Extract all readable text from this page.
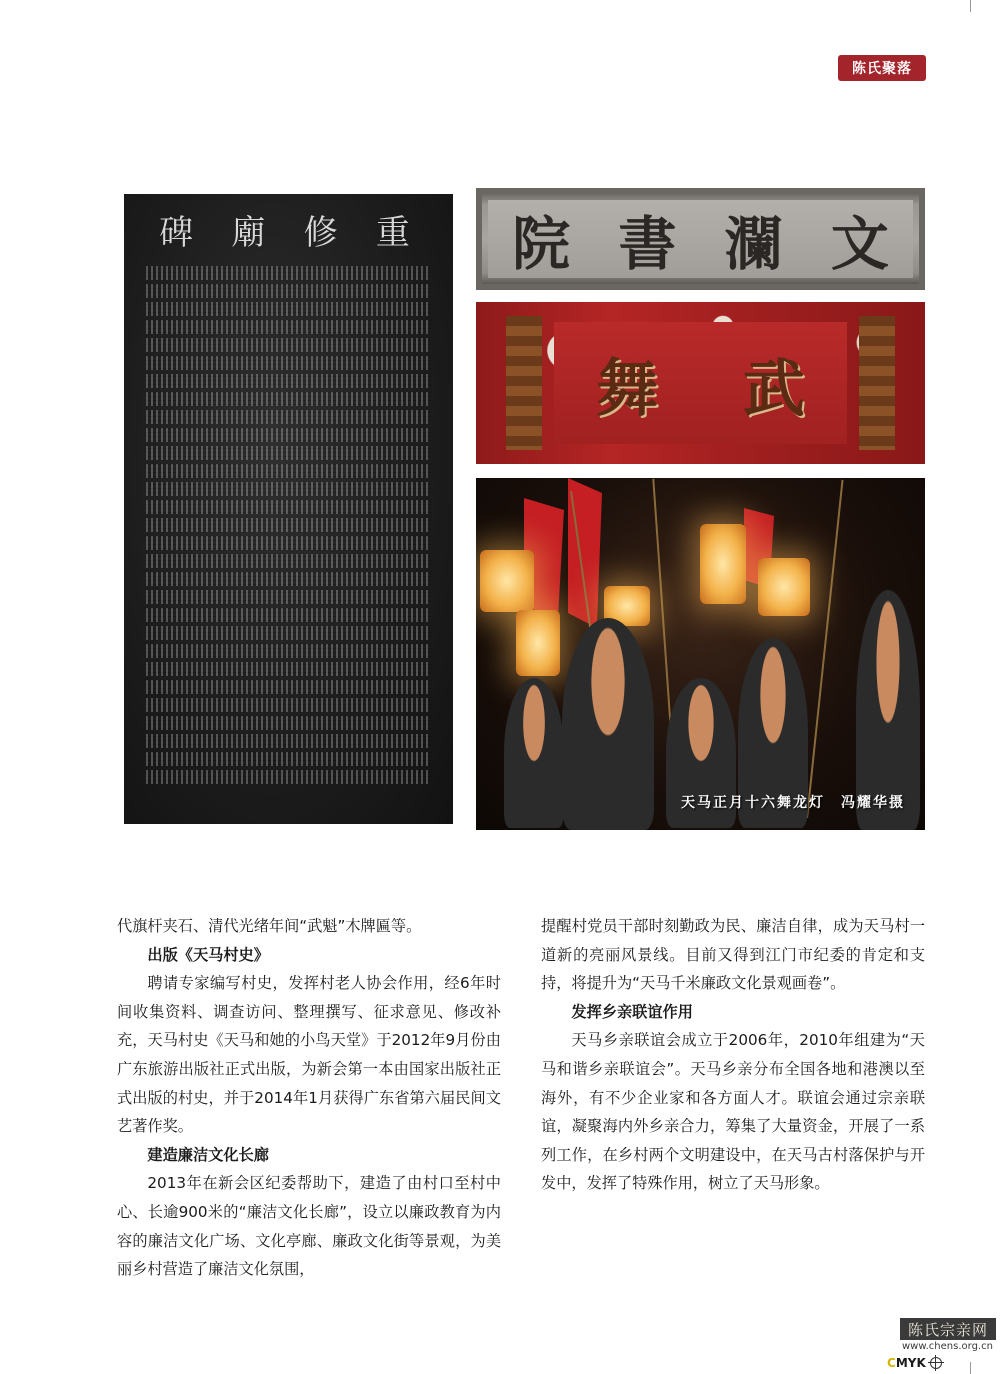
陈氏聚落
碑 廟 修 重 院 書 瀾 文
舞 武
天马正月十六舞龙灯　冯耀华摄

代旗杆夹石、清代光绪年间“武魁”木牌匾等。

出版《天马村史》

聘请专家编写村史，发挥村老人协会作用，经6年时间收集资料、调查访问、整理撰写、征求意见、修改补充，天马村史《天马和她的小鸟天堂》于2012年9月份由广东旅游出版社正式出版，为新会第一本由国家出版社正式出版的村史，并于2014年1月获得广东省第六届民间文艺著作奖。

建造廉洁文化长廊

2013年在新会区纪委帮助下，建造了由村口至村中心、长逾900米的“廉洁文化长廊”，设立以廉政教育为内容的廉洁文化广场、文化亭廊、廉政文化街等景观，为美丽乡村营造了廉洁文化氛围，

提醒村党员干部时刻勤政为民、廉洁自律，成为天马村一道新的亮丽风景线。目前又得到江门市纪委的肯定和支持，将提升为“天马千米廉政文化景观画卷”。

发挥乡亲联谊作用

天马乡亲联谊会成立于2006年，2010年组建为“天马和谐乡亲联谊会”。天马乡亲分布全国各地和港澳以至海外，有不少企业家和各方面人才。联谊会通过宗亲联谊，凝聚海内外乡亲合力，筹集了大量资金，开展了一系列工作，在乡村两个文明建设中，在天马古村落保护与开发中，发挥了特殊作用，树立了天马形象。

陈氏宗亲网
www.chens.org.cn
CMYK
